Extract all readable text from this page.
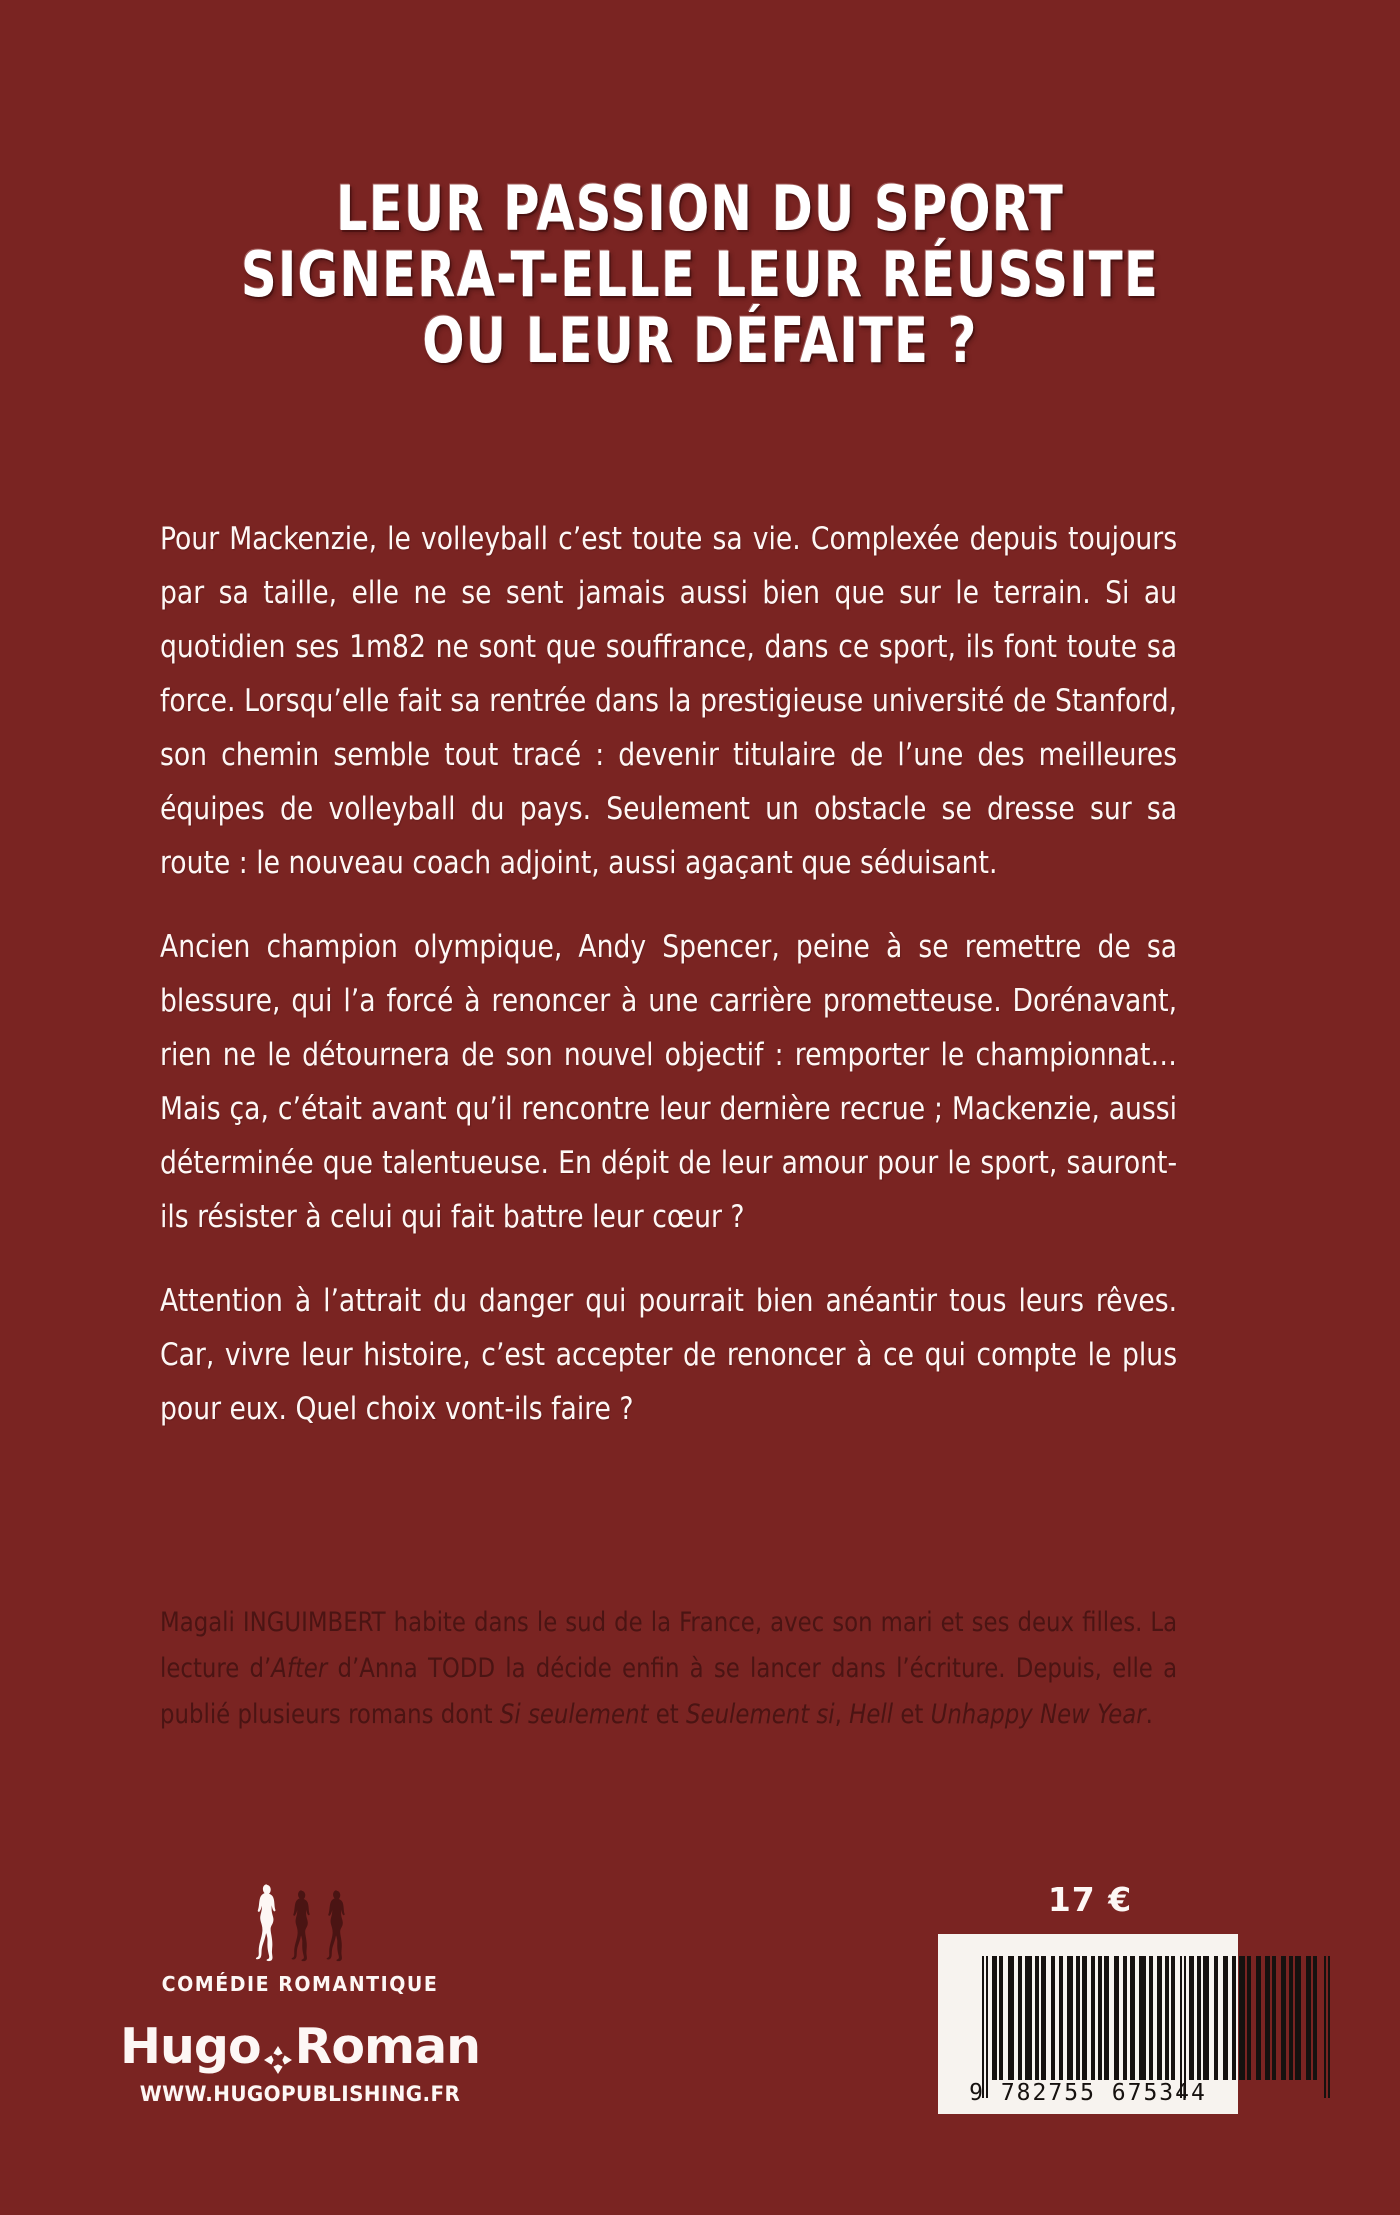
LEUR PASSION DU SPORT
SIGNERA-T-ELLE LEUR RÉUSSITE
OU LEUR DÉFAITE ?

Pour Mackenzie, le volleyball c’est toute sa vie. Complexée depuis toujours par sa taille, elle ne se sent jamais aussi bien que sur le terrain. Si au quotidien ses 1m82 ne sont que souffrance, dans ce sport, ils font toute sa force. Lorsqu’elle fait sa rentrée dans la prestigieuse université de Stanford, son chemin semble tout tracé : devenir titulaire de l’une des meilleures équipes de volleyball du pays. Seulement un obstacle se dresse sur sa route : le nouveau coach adjoint, aussi agaçant que séduisant.

Ancien champion olympique, Andy Spencer, peine à se remettre de sa blessure, qui l’a forcé à renoncer à une carrière prometteuse. Dorénavant, rien ne le détournera de son nouvel objectif : remporter le championnat… Mais ça, c’était avant qu’il rencontre leur dernière recrue ; Mackenzie, aussi déterminée que talentueuse. En dépit de leur amour pour le sport, sauront-ils résister à celui qui fait battre leur cœur ?

Attention à l’attrait du danger qui pourrait bien anéantir tous leurs rêves. Car, vivre leur histoire, c’est accepter de renoncer à ce qui compte le plus pour eux. Quel choix vont-ils faire ?

Magali INGUIMBERT habite dans le sud de la France, avec son mari et ses deux filles. La lecture d’After d’Anna TODD la décide enfin à se lancer dans l’écriture. Depuis, elle a publié plusieurs romans dont Si seulement et Seulement si, Hell et Unhappy New Year.

COMÉDIE ROMANTIQUE
Hugo Roman
WWW.HUGOPUBLISHING.FR
17 €
9 782755 675344
